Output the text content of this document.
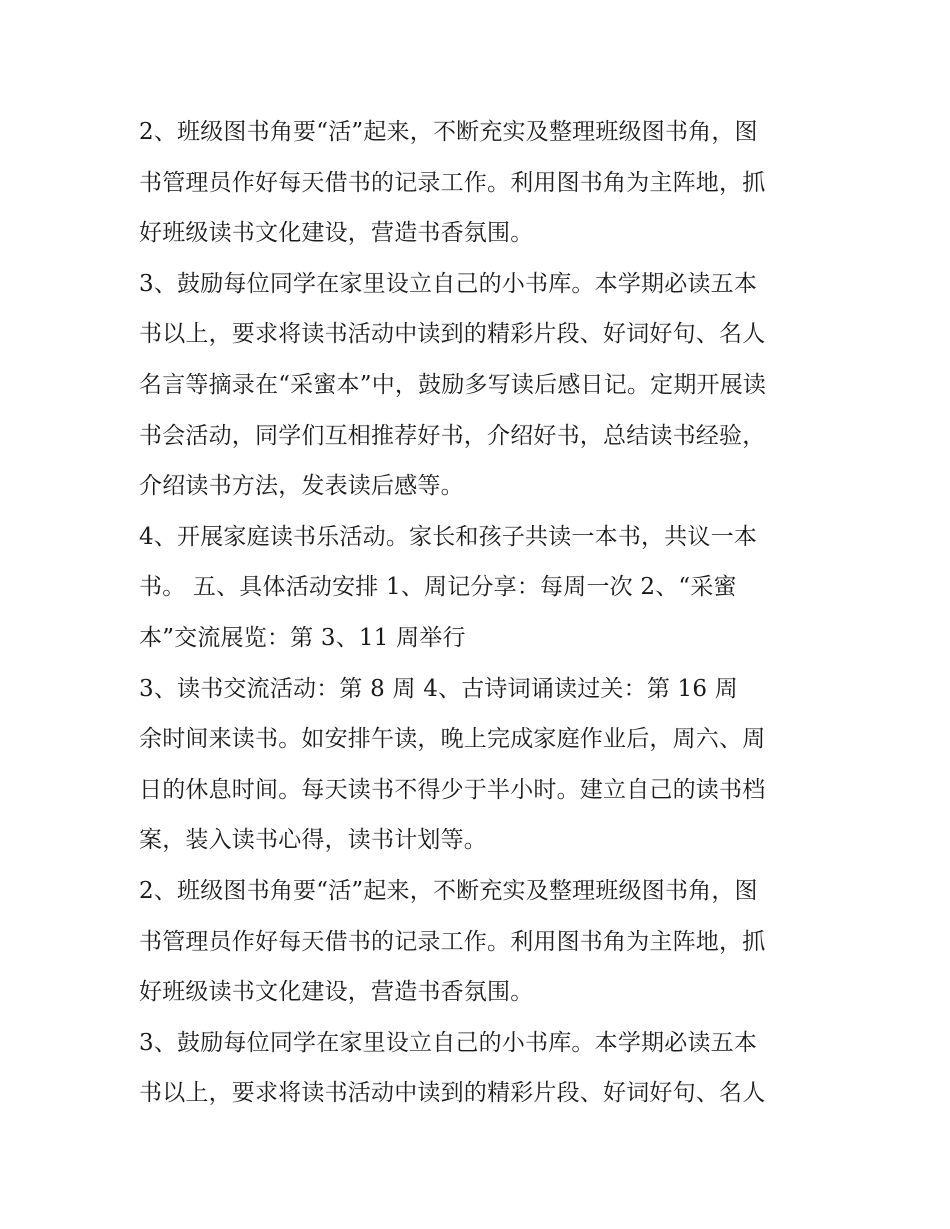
2、班级图书角要“活”起来，不断充实及整理班级图书角，图
书管理员作好每天借书的记录工作。利用图书角为主阵地，抓
好班级读书文化建设，营造书香氛围。
3、鼓励每位同学在家里设立自己的小书库。本学期必读五本
书以上，要求将读书活动中读到的精彩片段、好词好句、名人
名言等摘录在“采蜜本”中，鼓励多写读后感日记。定期开展读
书会活动，同学们互相推荐好书，介绍好书，总结读书经验，
介绍读书方法，发表读后感等。
4、开展家庭读书乐活动。家长和孩子共读一本书，共议一本
书。 五、具体活动安排 1、周记分享：每周一次 2、“采蜜
本”交流展览：第 3、11 周举行
3、读书交流活动：第 8 周 4、古诗词诵读过关：第 16 周
余时间来读书。如安排午读，晚上完成家庭作业后，周六、周
日的休息时间。每天读书不得少于半小时。建立自己的读书档
案，装入读书心得，读书计划等。
2、班级图书角要“活”起来，不断充实及整理班级图书角，图
书管理员作好每天借书的记录工作。利用图书角为主阵地，抓
好班级读书文化建设，营造书香氛围。
3、鼓励每位同学在家里设立自己的小书库。本学期必读五本
书以上，要求将读书活动中读到的精彩片段、好词好句、名人
